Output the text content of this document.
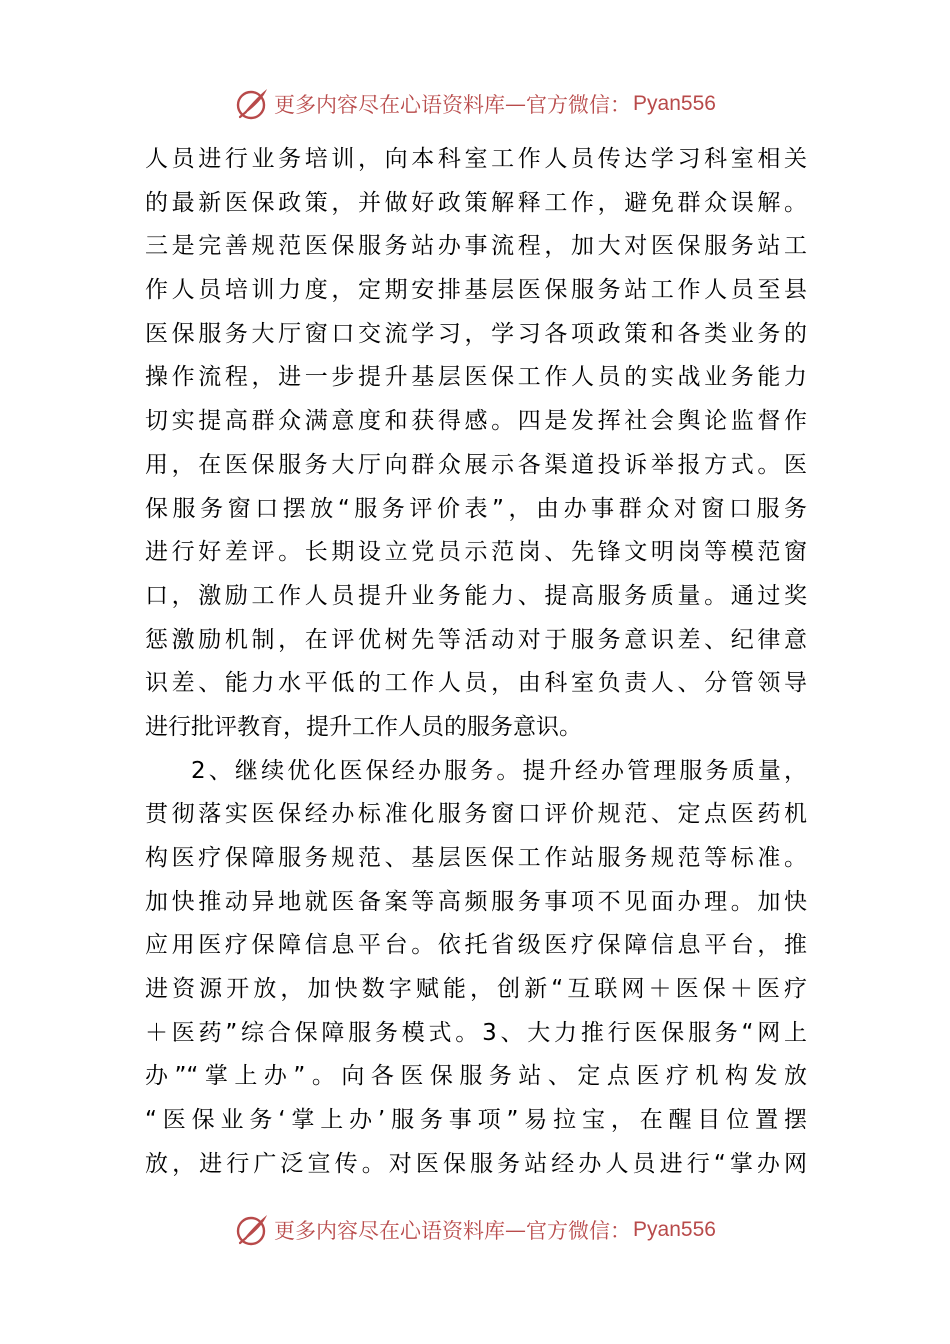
更多内容尽在心语资料库 — 官方微信： Pyan556
人员进行业务培训，向本科室工作人员传达学习科室相关
的最新医保政策，并做好政策解释工作，避免群众误解。
三是完善规范医保服务站办事流程，加大对医保服务站工
作人员培训力度，定期安排基层医保服务站工作人员至县
医保服务大厅窗口交流学习，学习各项政策和各类业务的
操作流程，进一步提升基层医保工作人员的实战业务能力
切实提高群众满意度和获得感。四是发挥社会舆论监督作
用，在医保服务大厅向群众展示各渠道投诉举报方式。医
保服务窗口摆放“服务评价表”，由办事群众对窗口服务
进行好差评。长期设立党员示范岗、先锋文明岗等模范窗
口，激励工作人员提升业务能力、提高服务质量。通过奖
惩激励机制，在评优树先等活动对于服务意识差、纪律意
识差、能力水平低的工作人员，由科室负责人、分管领导
进行批评教育，提升工作人员的服务意识。
2、继续优化医保经办服务。提升经办管理服务质量，
贯彻落实医保经办标准化服务窗口评价规范、定点医药机
构医疗保障服务规范、基层医保工作站服务规范等标准。
加快推动异地就医备案等高频服务事项不见面办理。加快
应用医疗保障信息平台。依托省级医疗保障信息平台，推
进资源开放，加快数字赋能，创新“互联网＋医保＋医疗
＋医药”综合保障服务模式。3、大力推行医保服务“网上
办”“掌上办”。向各医保服务站、定点医疗机构发放
“医保业务‘掌上办’服务事项”易拉宝，在醒目位置摆
放，进行广泛宣传。对医保服务站经办人员进行“掌办网
更多内容尽在心语资料库 — 官方微信： Pyan556
